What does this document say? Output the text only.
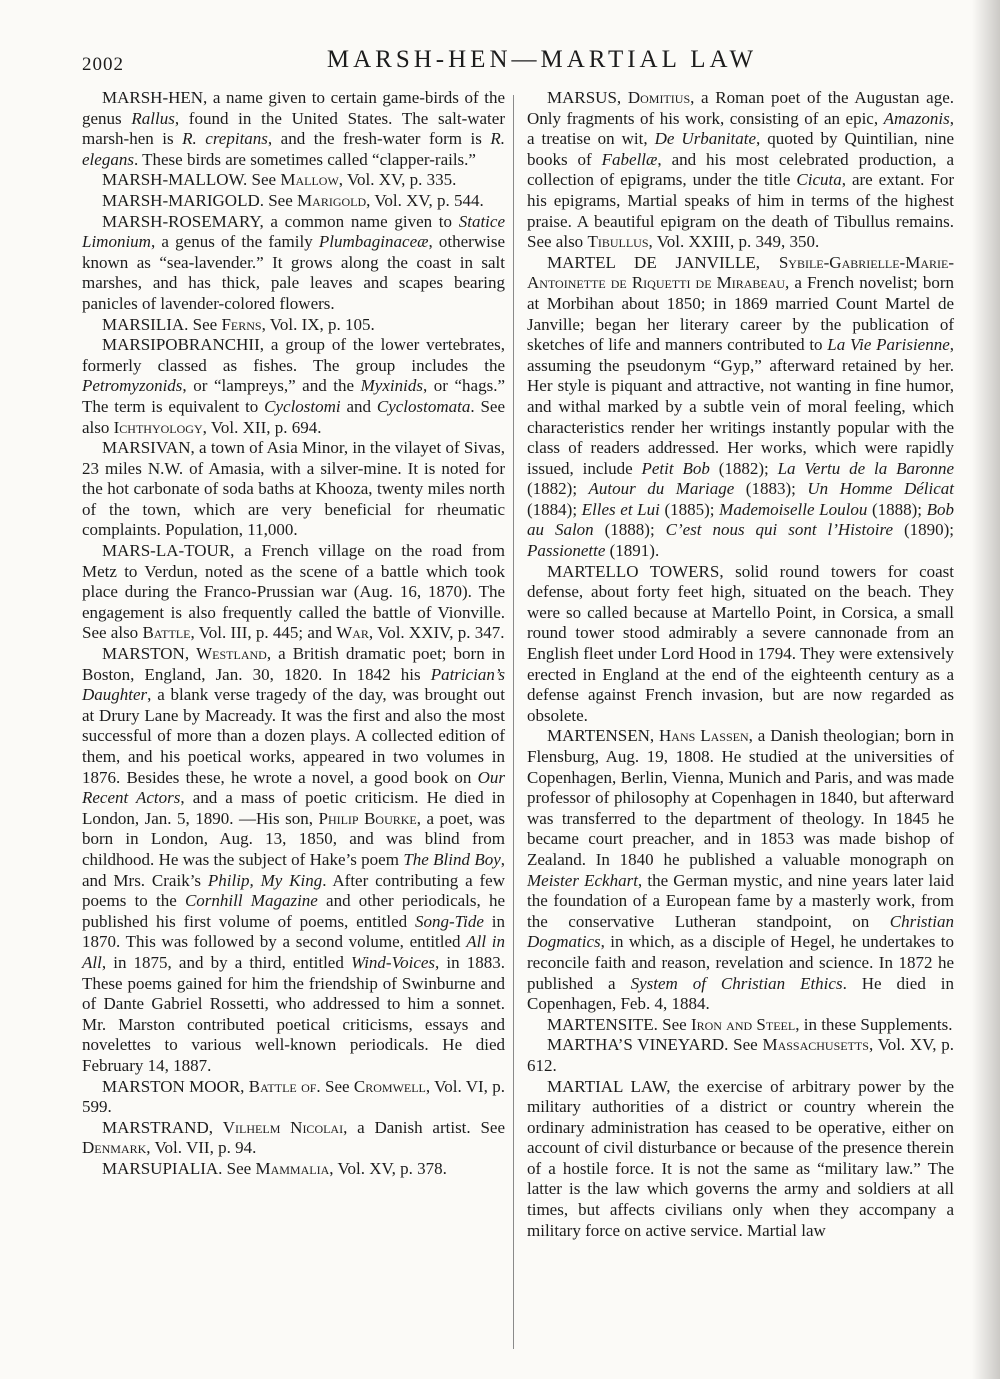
2002	MARSH-HEN—MARTIAL LAW

MARSH-HEN, a name given to certain game-birds of the genus Rallus, found in the United States. The salt-water marsh-hen is R. crepitans, and the fresh-water form is R. elegans. These birds are sometimes called “clapper-rails.”

MARSH-MALLOW. See Mallow, Vol. XV, p. 335.

MARSH-MARIGOLD. See Marigold, Vol. XV, p. 544.

MARSH-ROSEMARY, a common name given to Statice Limonium, a genus of the family Plumbaginaceæ, otherwise known as “sea-lavender.” It grows along the coast in salt marshes, and has thick, pale leaves and scapes bearing panicles of lavender-colored flowers.

MARSILIA. See Ferns, Vol. IX, p. 105.

MARSIPOBRANCHII, a group of the lower vertebrates, formerly classed as fishes. The group includes the Petromyzonids, or “lampreys,” and the Myxinids, or “hags.” The term is equivalent to Cyclostomi and Cyclostomata. See also Ichthyology, Vol. XII, p. 694.

MARSIVAN, a town of Asia Minor, in the vilayet of Sivas, 23 miles N.W. of Amasia, with a silver-mine. It is noted for the hot carbonate of soda baths at Khooza, twenty miles north of the town, which are very beneficial for rheumatic complaints. Population, 11,000.

MARS-LA-TOUR, a French village on the road from Metz to Verdun, noted as the scene of a battle which took place during the Franco-Prussian war (Aug. 16, 1870). The engagement is also frequently called the battle of Vionville. See also Battle, Vol. III, p. 445; and War, Vol. XXIV, p. 347.

MARSTON, Westland, a British dramatic poet; born in Boston, England, Jan. 30, 1820. In 1842 his Patrician’s Daughter, a blank verse tragedy of the day, was brought out at Drury Lane by Macready. It was the first and also the most successful of more than a dozen plays. A collected edition of them, and his poetical works, appeared in two volumes in 1876. Besides these, he wrote a novel, a good book on Our Recent Actors, and a mass of poetic criticism. He died in London, Jan. 5, 1890. —His son, Philip Bourke, a poet, was born in London, Aug. 13, 1850, and was blind from childhood. He was the subject of Hake’s poem The Blind Boy, and Mrs. Craik’s Philip, My King. After contributing a few poems to the Cornhill Magazine and other periodicals, he published his first volume of poems, entitled Song-Tide in 1870. This was followed by a second volume, entitled All in All, in 1875, and by a third, entitled Wind-Voices, in 1883. These poems gained for him the friendship of Swinburne and of Dante Gabriel Rossetti, who addressed to him a sonnet. Mr. Marston contributed poetical criticisms, essays and novelettes to various well-known periodicals. He died February 14, 1887.

MARSTON MOOR, Battle of. See Cromwell, Vol. VI, p. 599.

MARSTRAND, Vilhelm Nicolai, a Danish artist. See Denmark, Vol. VII, p. 94.

MARSUPIALIA. See Mammalia, Vol. XV, p. 378.

MARSUS, Domitius, a Roman poet of the Augustan age. Only fragments of his work, consisting of an epic, Amazonis, a treatise on wit, De Urbanitate, quoted by Quintilian, nine books of Fabellæ, and his most celebrated production, a collection of epigrams, under the title Cicuta, are extant. For his epigrams, Martial speaks of him in terms of the highest praise. A beautiful epigram on the death of Tibullus remains. See also Tibullus, Vol. XXIII, p. 349, 350.

MARTEL DE JANVILLE, Sybile-Gabrielle-Marie-Antoinette de Riquetti de Mirabeau, a French novelist; born at Morbihan about 1850; in 1869 married Count Martel de Janville; began her literary career by the publication of sketches of life and manners contributed to La Vie Parisienne, assuming the pseudonym “Gyp,” afterward retained by her. Her style is piquant and attractive, not wanting in fine humor, and withal marked by a subtle vein of moral feeling, which characteristics render her writings instantly popular with the class of readers addressed. Her works, which were rapidly issued, include Petit Bob (1882); La Vertu de la Baronne (1882); Autour du Mariage (1883); Un Homme Délicat (1884); Elles et Lui (1885); Mademoiselle Loulou (1888); Bob au Salon (1888); C’est nous qui sont l’Histoire (1890); Passionette (1891).

MARTELLO TOWERS, solid round towers for coast defense, about forty feet high, situated on the beach. They were so called because at Martello Point, in Corsica, a small round tower stood admirably a severe cannonade from an English fleet under Lord Hood in 1794. They were extensively erected in England at the end of the eighteenth century as a defense against French invasion, but are now regarded as obsolete.

MARTENSEN, Hans Lassen, a Danish theologian; born in Flensburg, Aug. 19, 1808. He studied at the universities of Copenhagen, Berlin, Vienna, Munich and Paris, and was made professor of philosophy at Copenhagen in 1840, but afterward was transferred to the department of theology. In 1845 he became court preacher, and in 1853 was made bishop of Zealand. In 1840 he published a valuable monograph on Meister Eckhart, the German mystic, and nine years later laid the foundation of a European fame by a masterly work, from the conservative Lutheran standpoint, on Christian Dogmatics, in which, as a disciple of Hegel, he undertakes to reconcile faith and reason, revelation and science. In 1872 he published a System of Christian Ethics. He died in Copenhagen, Feb. 4, 1884.

MARTENSITE. See Iron and Steel, in these Supplements.

MARTHA’S VINEYARD. See Massachusetts, Vol. XV, p. 612.

MARTIAL LAW, the exercise of arbitrary power by the military authorities of a district or country wherein the ordinary administration has ceased to be operative, either on account of civil disturbance or because of the presence therein of a hostile force. It is not the same as “military law.” The latter is the law which governs the army and soldiers at all times, but affects civilians only when they accompany a military force on active service. Martial law
